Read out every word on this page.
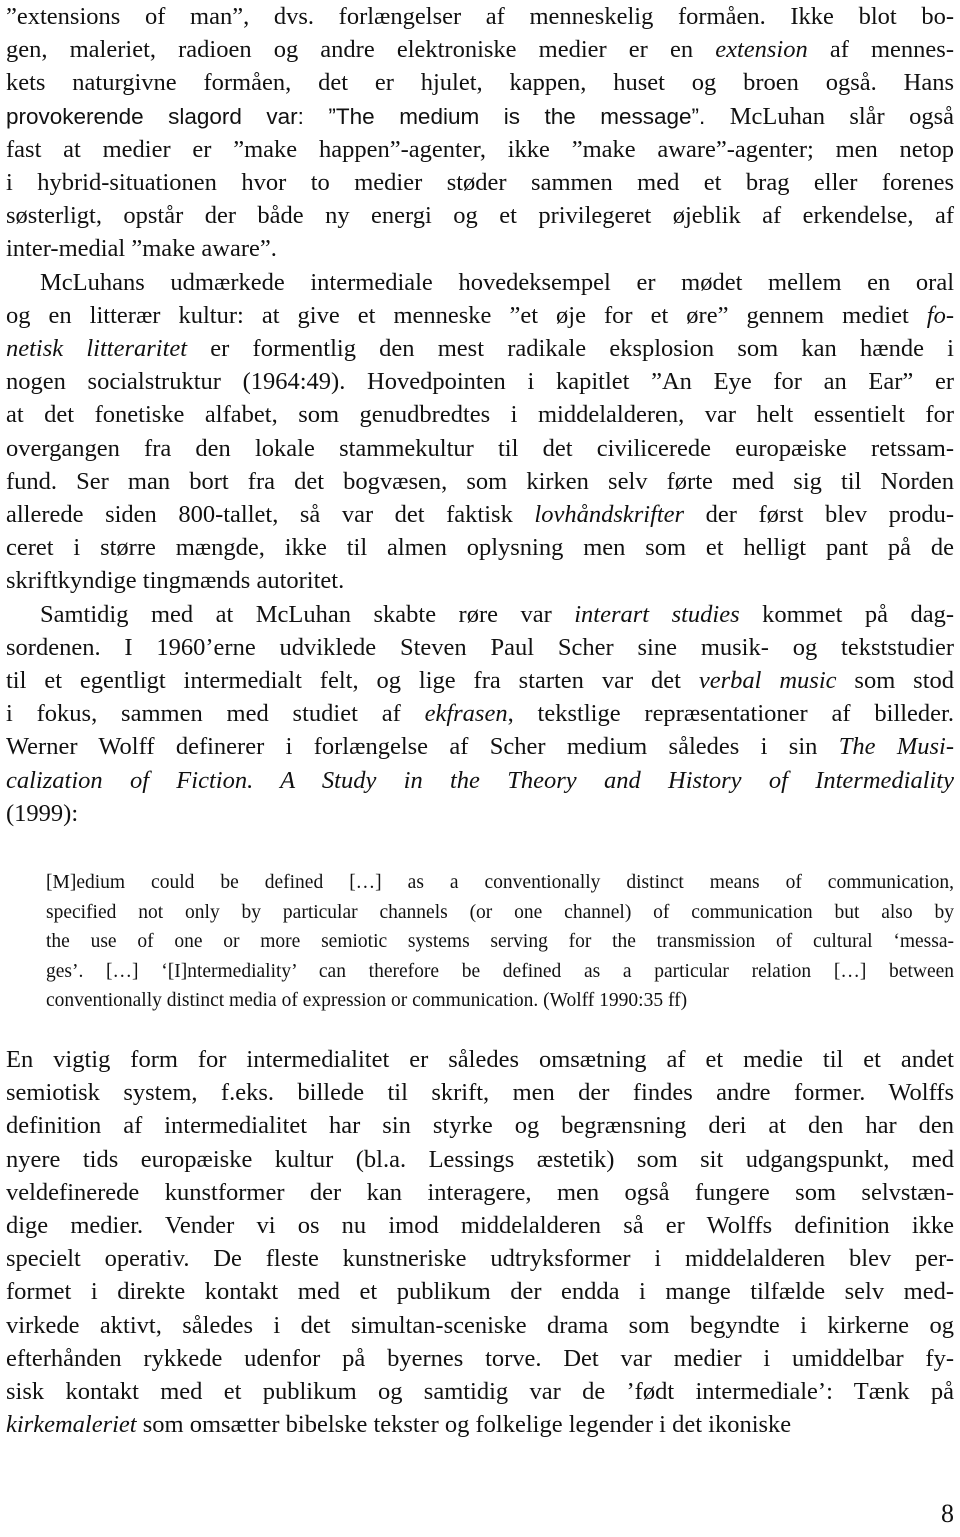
”extensions of man”, dvs. forlængelser af menneskelig formåen. Ikke blot bo-
gen, maleriet, radioen og andre elektroniske medier er en extension af mennes-
kets naturgivne formåen, det er hjulet, kappen, huset og broen også. Hans
provokerende slagord var: ”The medium is the message”. McLuhan slår også
fast at medier er ”make happen”-agenter, ikke ”make aware”-agenter; men netop
i hybrid-situationen hvor to medier støder sammen med et brag eller forenes
søsterligt, opstår der både ny energi og et privilegeret øjeblik af erkendelse, af
inter-medial ”make aware”.
McLuhans udmærkede intermediale hovedeksempel er mødet mellem en oral
og en litterær kultur: at give et menneske ”et øje for et øre” gennem mediet fo-
netisk litteraritet er formentlig den mest radikale eksplosion som kan hænde i
nogen socialstruktur (1964:49). Hovedpointen i kapitlet ”An Eye for an Ear” er
at det fonetiske alfabet, som genudbredtes i middelalderen, var helt essentielt for
overgangen fra den lokale stammekultur til det civilicerede europæiske retssam-
fund. Ser man bort fra det bogvæsen, som kirken selv førte med sig til Norden
allerede siden 800-tallet, så var det faktisk lovhåndskrifter der først blev produ-
ceret i større mængde, ikke til almen oplysning men som et helligt pant på de
skriftkyndige tingmænds autoritet.
Samtidig med at McLuhan skabte røre var interart studies kommet på dag-
sordenen. I 1960’erne udviklede Steven Paul Scher sine musik- og tekststudier
til et egentligt intermedialt felt, og lige fra starten var det verbal music som stod
i fokus, sammen med studiet af ekfrasen, tekstlige repræsentationer af billeder.
Werner Wolff definerer i forlængelse af Scher medium således i sin The Musi-
calization of Fiction. A Study in the Theory and History of Intermediality
(1999):
[M]edium could be defined […] as a conventionally distinct means of communication,
specified not only by particular channels (or one channel) of communication but also by
the use of one or more semiotic systems serving for the transmission of cultural ‘messa-
ges’. […] ‘[I]ntermediality’ can therefore be defined as a particular relation […] between
conventionally distinct media of expression or communication. (Wolff 1990:35 ff)
En vigtig form for intermedialitet er således omsætning af et medie til et andet
semiotisk system, f.eks. billede til skrift, men der findes andre former. Wolffs
definition af intermedialitet har sin styrke og begrænsning deri at den har den
nyere tids europæiske kultur (bl.a. Lessings æstetik) som sit udgangspunkt, med
veldefinerede kunstformer der kan interagere, men også fungere som selvstæn-
dige medier. Vender vi os nu imod middelalderen så er Wolffs definition ikke
specielt operativ. De fleste kunstneriske udtryksformer i middelalderen blev per-
formet i direkte kontakt med et publikum der endda i mange tilfælde selv med-
virkede aktivt, således i det simultan-sceniske drama som begyndte i kirkerne og
efterhånden rykkede udenfor på byernes torve. Det var medier i umiddelbar fy-
sisk kontakt med et publikum og samtidig var de ’født intermediale’: Tænk på
kirkemaleriet som omsætter bibelske tekster og folkelige legender i det ikoniske
8
